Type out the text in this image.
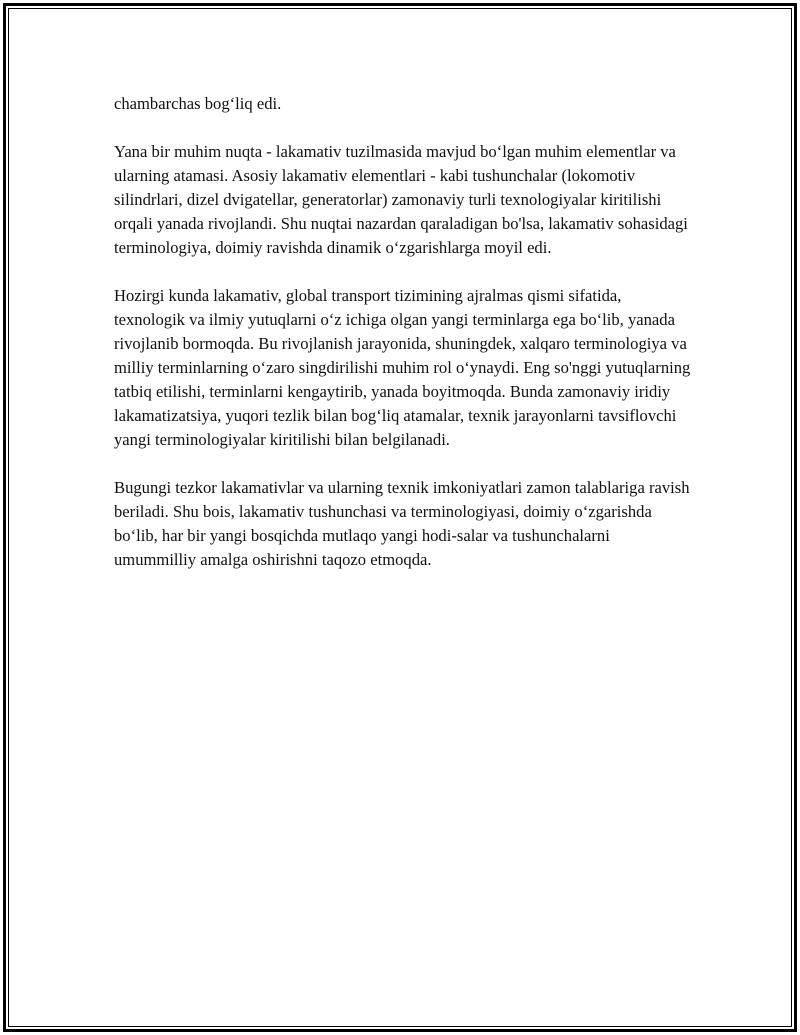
chambarchas bog‘liq edi.

Yana bir muhim nuqta - lakamativ tuzilmasida mavjud bo‘lgan muhim elementlar va ularning atamasi. Asosiy lakamativ elementlari - kabi tushunchalar (lokomotiv silindrlari, dizel dvigatellar, generatorlar) zamonaviy turli texnologiyalar kiritilishi orqali yanada rivojlandi. Shu nuqtai nazardan qaraladigan bo'lsa, lakamativ sohasidagi terminologiya, doimiy ravishda dinamik o‘zgarishlarga moyil edi.

Hozirgi kunda lakamativ, global transport tizimining ajralmas qismi sifatida, texnologik va ilmiy yutuqlarni o‘z ichiga olgan yangi terminlarga ega bo‘lib, yanada rivojlanib bormoqda. Bu rivojlanish jarayonida, shuningdek, xalqaro terminologiya va milliy terminlarning o‘zaro singdirilishi muhim rol o‘ynaydi. Eng so'nggi yutuqlarning tatbiq etilishi, terminlarni kengaytirib, yanada boyitmoqda. Bunda zamonaviy iridiy lakamatizatsiya, yuqori tezlik bilan bog‘liq atamalar, texnik jarayonlarni tavsiflovchi yangi terminologiyalar kiritilishi bilan belgilanadi.

Bugungi tezkor lakamativlar va ularning texnik imkoniyatlari zamon talablariga ravish beriladi. Shu bois, lakamativ tushunchasi va terminologiyasi, doimiy o‘zgarishda bo‘lib, har bir yangi bosqichda mutlaqo yangi hodi-salar va tushunchalarni umummilliy amalga oshirishni taqozo etmoqda.
